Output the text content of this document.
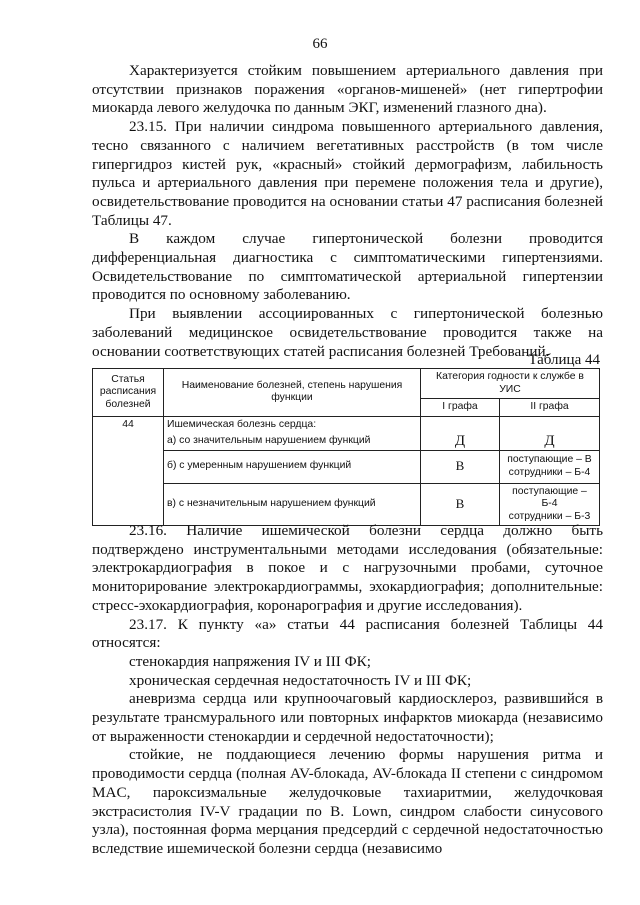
66

Характеризуется стойким повышением артериального давления при отсутствии признаков поражения «органов-мишеней» (нет гипертрофии миокарда левого желудочка по данным ЭКГ, изменений глазного дна).

23.15. При наличии синдрома повышенного артериального давления, тесно связанного с наличием вегетативных расстройств (в том числе гипергидроз кистей рук, «красный» стойкий дермографизм, лабильность пульса и артериального давления при перемене положения тела и другие), освидетельствование проводится на основании статьи 47 расписания болезней Таблицы 47.

В каждом случае гипертонической болезни проводится дифференциальная диагностика с симптоматическими гипертензиями. Освидетельствование по симптоматической артериальной гипертензии проводится по основному заболеванию.

При выявлении ассоциированных с гипертонической болезнью заболеваний медицинское освидетельствование проводится также на основании соответствующих статей расписания болезней Требований.

Таблица 44
Статья расписания болезней	Наименование болезней, степень нарушения функции	Категория годности к службе в УИС	
		I графа	II графа
44	Ишемическая болезнь сердца:		
	а) со значительным нарушением функций	Д	Д
	б) с умеренным нарушением функций	В	поступающие – В
сотрудники – Б-4

	в) с незначительным нарушением функций	В	поступающие – Б-4
сотрудники – Б-3

23.16. Наличие ишемической болезни сердца должно быть подтверждено инструментальными методами исследования (обязательные: электрокардиография в покое и с нагрузочными пробами, суточное мониторирование электрокардиограммы, эхокардиография; дополнительные: стресс-эхокардиография, коронарография и другие исследования).

23.17. К пункту «а» статьи 44 расписания болезней Таблицы 44 относятся:

стенокардия напряжения IV и III ФК;

хроническая сердечная недостаточность IV и III ФК;

аневризма сердца или крупноочаговый кардиосклероз, развившийся в результате трансмурального или повторных инфарктов миокарда (независимо от выраженности стенокардии и сердечной недостаточности);

стойкие, не поддающиеся лечению формы нарушения ритма и проводимости сердца (полная AV-блокада, AV-блокада II степени с синдромом MAC, пароксизмальные желудочковые тахиаритмии, желудочковая экстрасистолия IV-V градации по B. Lown, синдром слабости синусового узла), постоянная форма мерцания предсердий с сердечной недостаточностью вследствие ишемической болезни сердца (независимо
